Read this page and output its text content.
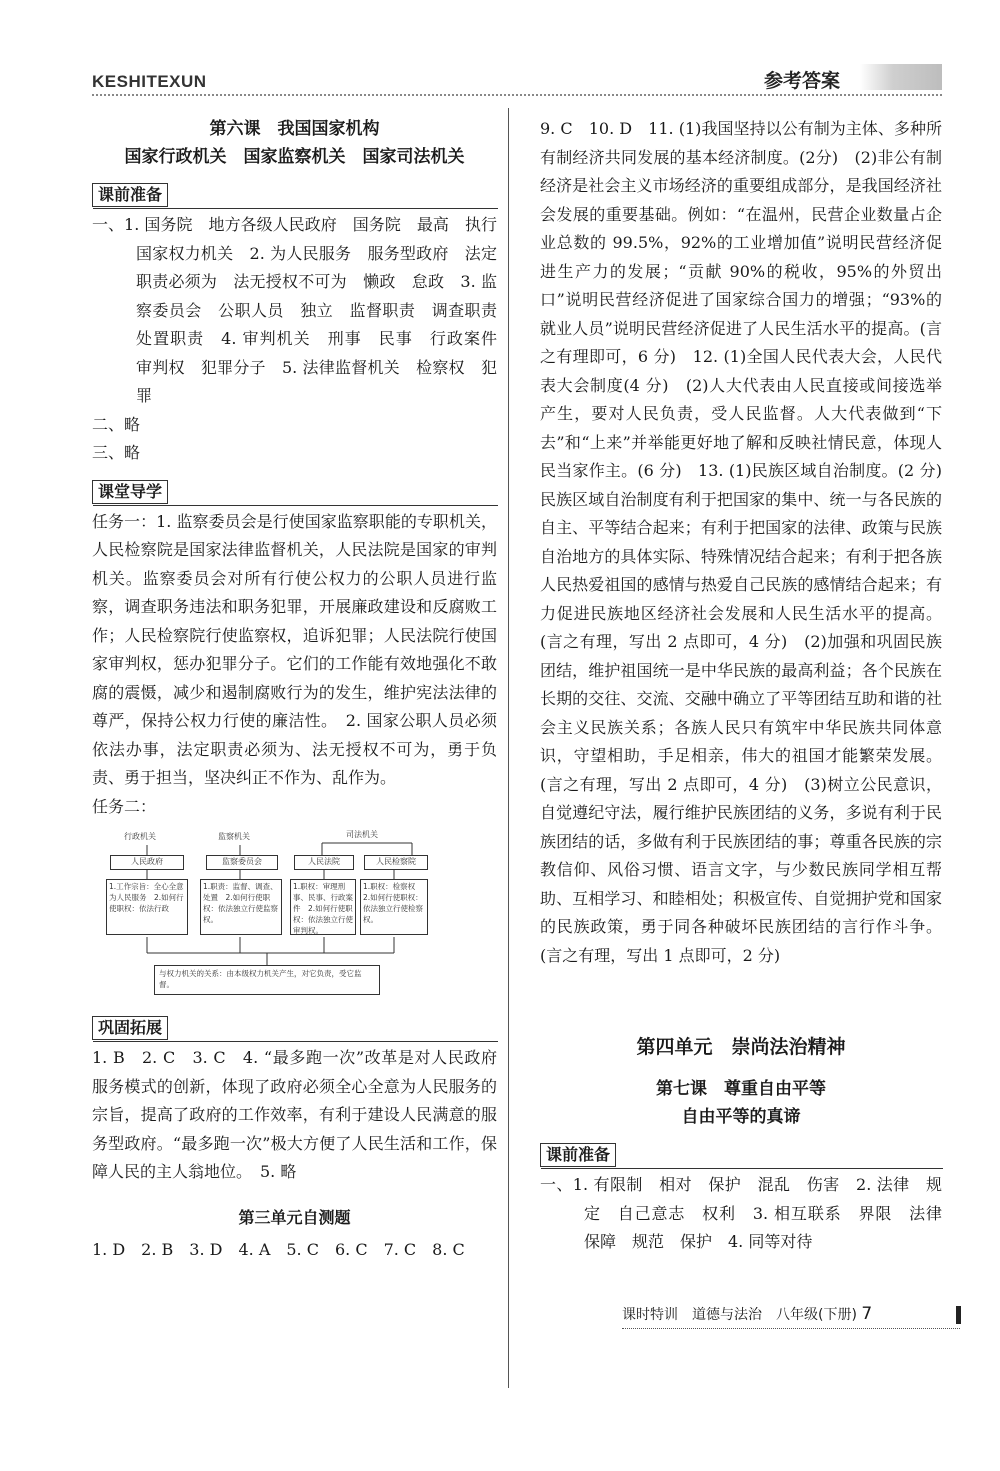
KESHITEXUN	参考答案

第六课　我国国家机构

国家行政机关　国家监察机关　国家司法机关

课前准备

一、1. 国务院　地方各级人民政府　国务院　最高　执行　国家权力机关　2. 为人民服务　服务型政府　法定职责必须为　法无授权不可为　懒政　怠政　3. 监察委员会　公职人员　独立　监督职责　调查职责　处置职责　4. 审判机关　刑事　民事　行政案件　审判权　犯罪分子　5. 法律监督机关　检察权　犯罪

二、略

三、略

课堂导学

任务一：1. 监察委员会是行使国家监察职能的专职机关，人民检察院是国家法律监督机关，人民法院是国家的审判机关。监察委员会对所有行使公权力的公职人员进行监察，调查职务违法和职务犯罪，开展廉政建设和反腐败工作；人民检察院行使监察权，追诉犯罪；人民法院行使国家审判权，惩办犯罪分子。它们的工作能有效地强化不敢腐的震慑，减少和遏制腐败行为的发生，维护宪法法律的尊严，保持公权力行使的廉洁性。　2. 国家公职人员必须依法办事，法定职责必须为、法无授权不可为，勇于负责、勇于担当，坚决纠正不作为、乱作为。

任务二：

行政机关	监察机关	司法机关
人民政府	监察委员会	人民法院	人民检察院
1.工作宗旨：全心全意为人民服务　2.如何行使职权：依法行政
1.职责：监督、调查、处置　2.如何行使职权：依法独立行使监察权。
1.职权：审理刑事、民事、行政案件　2.如何行使职权：依法独立行使审判权。
1.职权：检察权　2.如何行使职权：依法独立行使检察权。
与权力机关的关系：由本级权力机关产生，对它负责，受它监督。
巩固拓展

1. B　2. C　3. C　4. “最多跑一次”改革是对人民政府服务模式的创新，体现了政府必须全心全意为人民服务的宗旨，提高了政府的工作效率，有利于建设人民满意的服务型政府。“最多跑一次”极大方便了人民生活和工作，保障人民的主人翁地位。　5. 略

第三单元自测题

1. D　2. B　3. D　4. A　5. C　6. C　7. C　8. C

9. C　10. D　11. (1)我国坚持以公有制为主体、多种所有制经济共同发展的基本经济制度。(2分)　(2)非公有制经济是社会主义市场经济的重要组成部分，是我国经济社会发展的重要基础。例如：“在温州，民营企业数量占企业总数的 99.5%，92%的工业增加值”说明民营经济促进生产力的发展；“贡献 90%的税收，95%的外贸出口”说明民营经济促进了国家综合国力的增强；“93%的就业人员”说明民营经济促进了人民生活水平的提高。(言之有理即可，6 分)　12. (1)全国人民代表大会，人民代表大会制度(4 分)　(2)人大代表由人民直接或间接选举产生，要对人民负责，受人民监督。人大代表做到“下去”和“上来”并举能更好地了解和反映社情民意，体现人民当家作主。(6 分)　13. (1)民族区域自治制度。(2 分)民族区域自治制度有利于把国家的集中、统一与各民族的自主、平等结合起来；有利于把国家的法律、政策与民族自治地方的具体实际、特殊情况结合起来；有利于把各族人民热爱祖国的感情与热爱自己民族的感情结合起来；有力促进民族地区经济社会发展和人民生活水平的提高。(言之有理，写出 2 点即可，4 分)　(2)加强和巩固民族团结，维护祖国统一是中华民族的最高利益；各个民族在长期的交往、交流、交融中确立了平等团结互助和谐的社会主义民族关系；各族人民只有筑牢中华民族共同体意识，守望相助，手足相亲，伟大的祖国才能繁荣发展。(言之有理，写出 2 点即可，4 分)　(3)树立公民意识，自觉遵纪守法，履行维护民族团结的义务，多说有利于民族团结的话，多做有利于民族团结的事；尊重各民族的宗教信仰、风俗习惯、语言文字，与少数民族同学相互帮助、互相学习、和睦相处；积极宣传、自觉拥护党和国家的民族政策，勇于同各种破坏民族团结的言行作斗争。(言之有理，写出 1 点即可，2 分)

第四单元　崇尚法治精神

第七课　尊重自由平等

自由平等的真谛

课前准备

一、1. 有限制　相对　保护　混乱　伤害　2. 法律　规定　自己意志　权利　3. 相互联系　界限　法律　保障　规范　保护　4. 同等对待

课时特训　道德与法治　八年级(下册) 7
